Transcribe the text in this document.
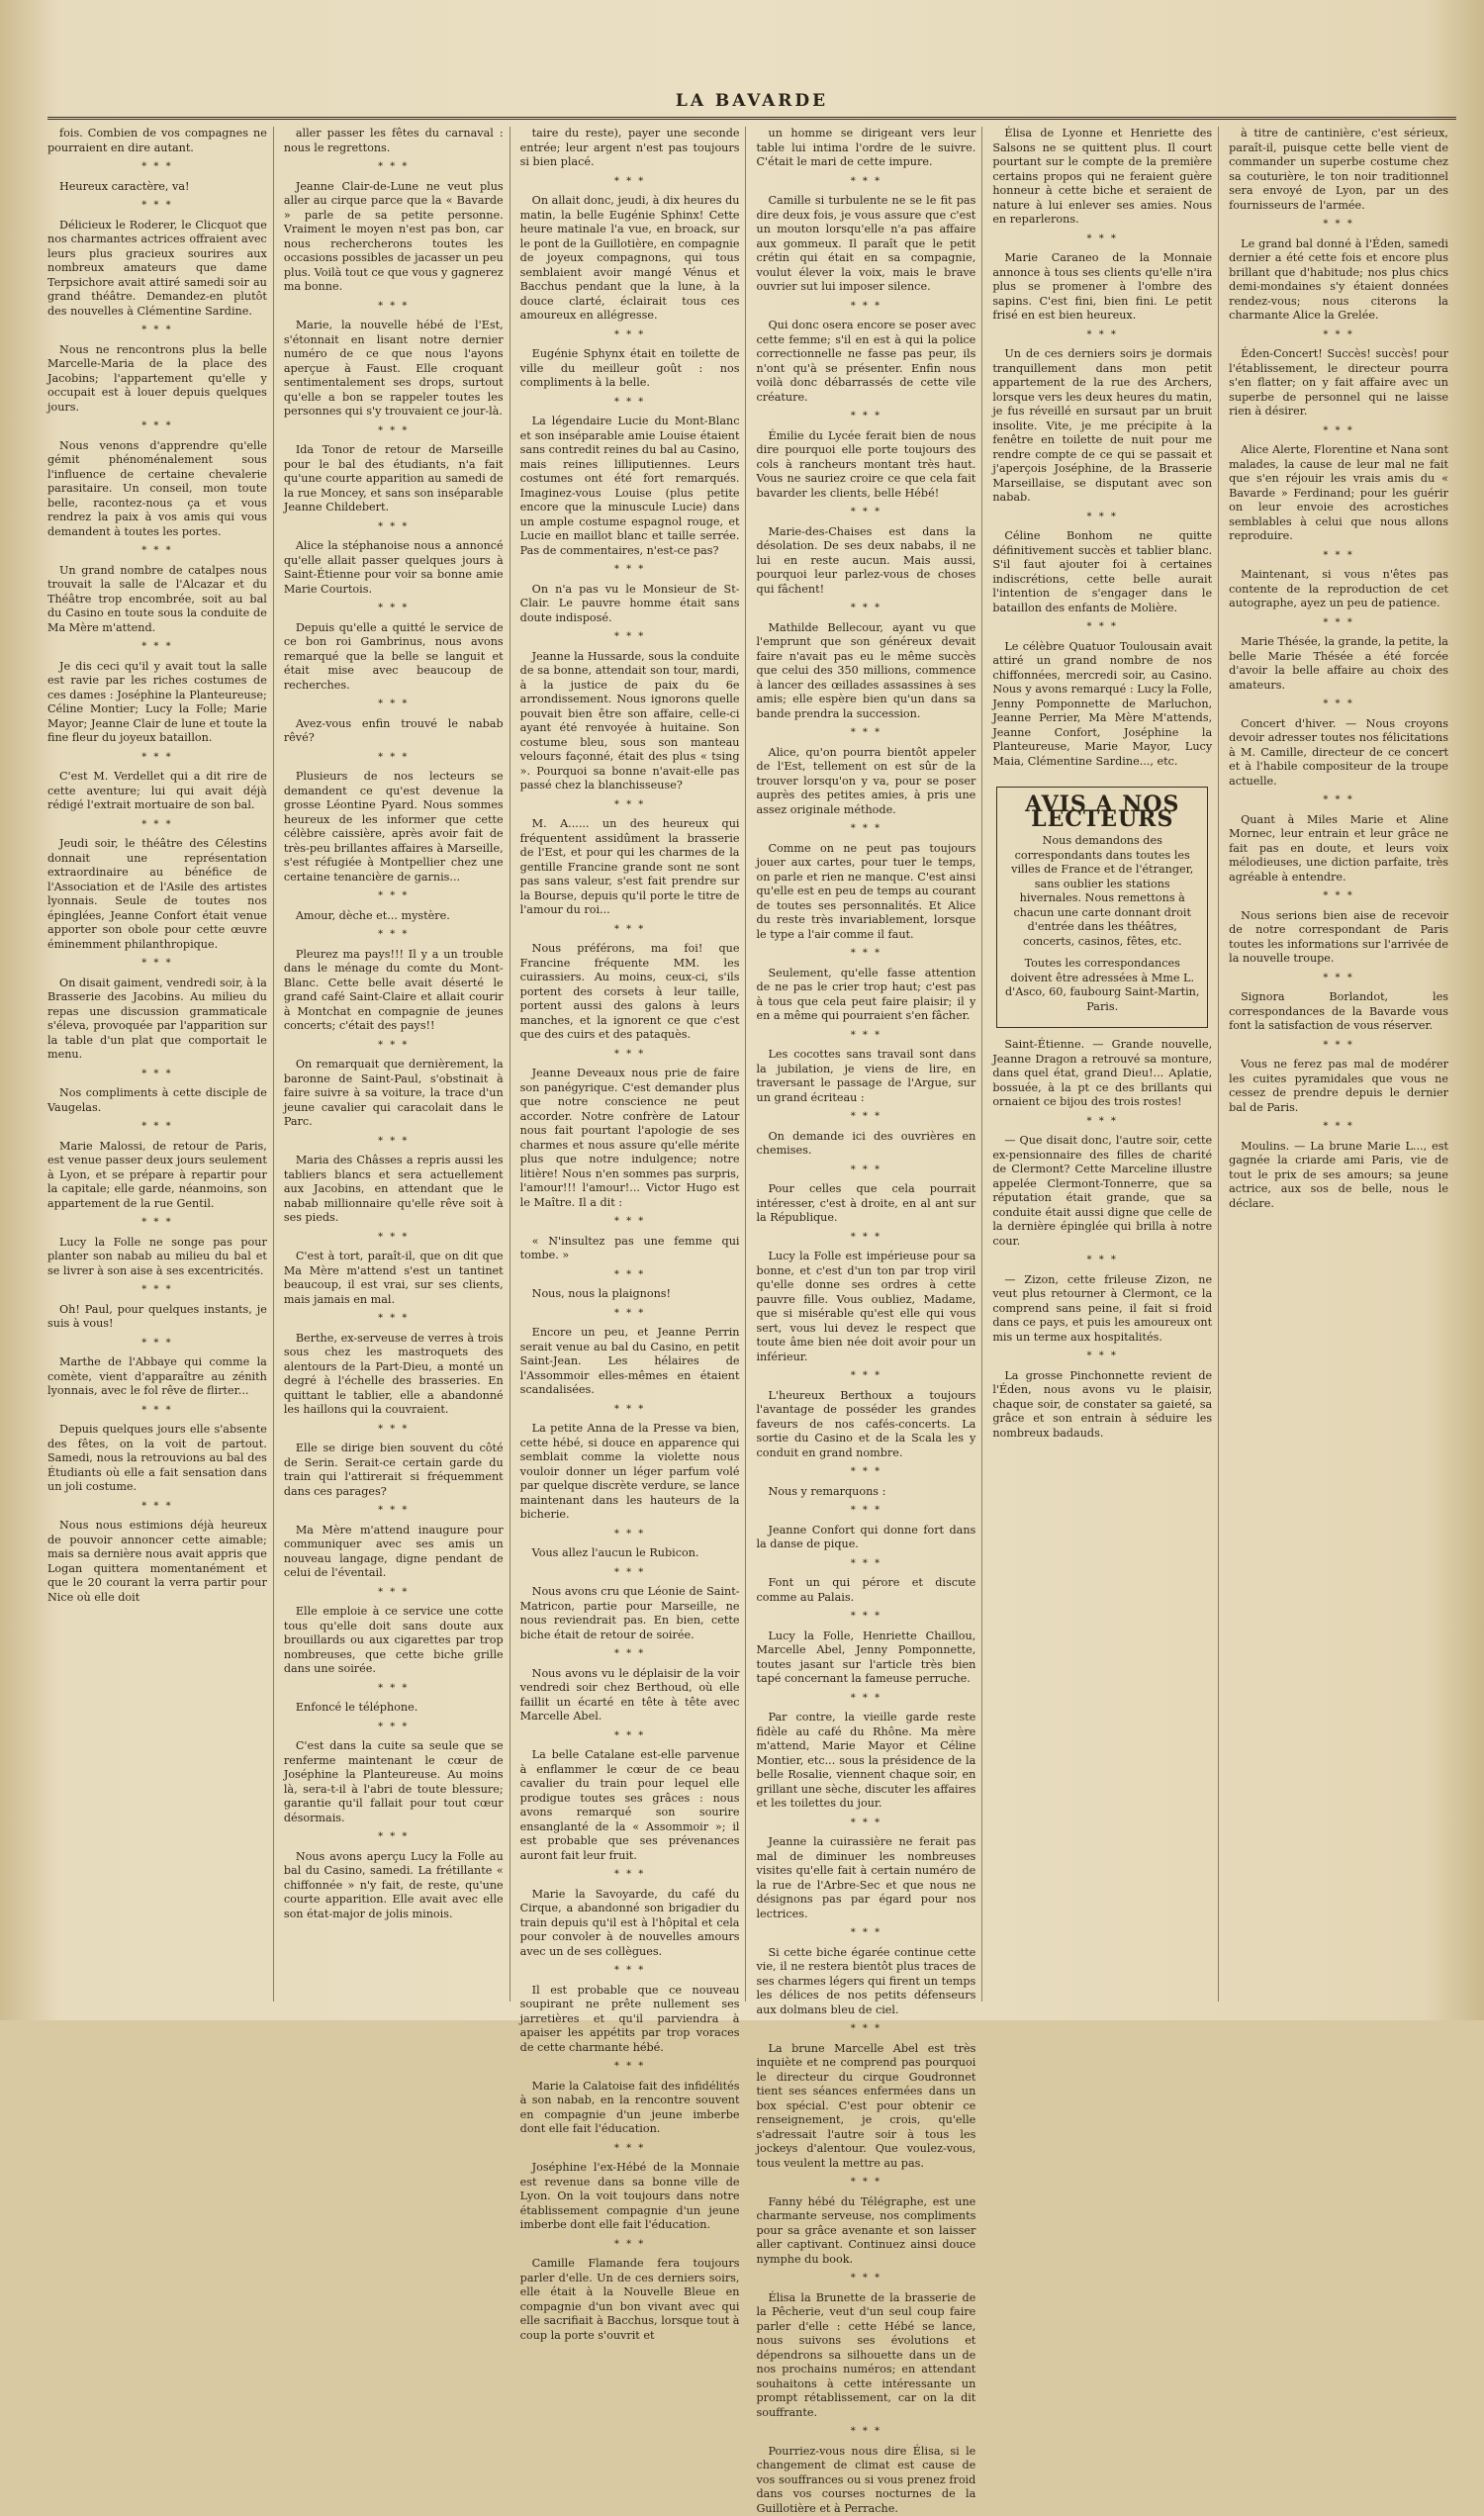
LA BAVARDE

fois. Combien de vos compagnes ne pourraient en dire autant.

* * *

Heureux caractère, va!

* * *

Délicieux le Roderer, le Clicquot que nos charmantes actrices offraient avec leurs plus gracieux sourires aux nombreux amateurs que dame Terpsichore avait attiré samedi soir au grand théâtre. Demandez-en plutôt des nouvelles à Clémentine Sardine.

* * *

Nous ne rencontrons plus la belle Marcelle-Maria de la place des Jacobins; l'appartement qu'elle y occupait est à louer depuis quelques jours.

* * *

Nous venons d'apprendre qu'elle gémit phénoménalement sous l'influence de certaine chevalerie parasitaire. Un conseil, mon toute belle, racontez-nous ça et vous rendrez la paix à vos amis qui vous demandent à toutes les portes.

* * *

Un grand nombre de catalpes nous trouvait la salle de l'Alcazar et du Théâtre trop encombrée, soit au bal du Casino en toute sous la conduite de Ma Mère m'attend.

* * *

Je dis ceci qu'il y avait tout la salle est ravie par les riches costumes de ces dames : Joséphine la Planteureuse; Céline Montier; Lucy la Folle; Marie Mayor; Jeanne Clair de lune et toute la fine fleur du joyeux bataillon.

* * *

C'est M. Verdellet qui a dit rire de cette aventure; lui qui avait déjà rédigé l'extrait mortuaire de son bal.

* * *

Jeudi soir, le théâtre des Célestins donnait une représentation extraordinaire au bénéfice de l'Association et de l'Asile des artistes lyonnais. Seule de toutes nos épinglées, Jeanne Confort était venue apporter son obole pour cette œuvre éminemment philanthropique.

* * *

On disait gaiment, vendredi soir, à la Brasserie des Jacobins. Au milieu du repas une discussion grammaticale s'éleva, provoquée par l'apparition sur la table d'un plat que comportait le menu.

* * *

Nos compliments à cette disciple de Vaugelas.

* * *

Marie Malossi, de retour de Paris, est venue passer deux jours seulement à Lyon, et se prépare à repartir pour la capitale; elle garde, néanmoins, son appartement de la rue Gentil.

* * *

Lucy la Folle ne songe pas pour planter son nabab au milieu du bal et se livrer à son aise à ses excentricités.

* * *

Oh! Paul, pour quelques instants, je suis à vous!

* * *

Marthe de l'Abbaye qui comme la comète, vient d'apparaître au zénith lyonnais, avec le fol rêve de flirter...

* * *

Depuis quelques jours elle s'absente des fêtes, on la voit de partout. Samedi, nous la retrouvions au bal des Étudiants où elle a fait sensation dans un joli costume.

* * *

Nous nous estimions déjà heureux de pouvoir annoncer cette aimable; mais sa dernière nous avait appris que Logan quittera momentanément et que le 20 courant la verra partir pour Nice où elle doit

aller passer les fêtes du carnaval : nous le regrettons.

* * *

Jeanne Clair-de-Lune ne veut plus aller au cirque parce que la « Bavarde » parle de sa petite personne. Vraiment le moyen n'est pas bon, car nous rechercherons toutes les occasions possibles de jacasser un peu plus. Voilà tout ce que vous y gagnerez ma bonne.

* * *

Marie, la nouvelle hébé de l'Est, s'étonnait en lisant notre dernier numéro de ce que nous l'ayons aperçue à Faust. Elle croquant sentimentalement ses drops, surtout qu'elle a bon se rappeler toutes les personnes qui s'y trouvaient ce jour-là.

* * *

Ida Tonor de retour de Marseille pour le bal des étudiants, n'a fait qu'une courte apparition au samedi de la rue Moncey, et sans son inséparable Jeanne Childebert.

* * *

Alice la stéphanoise nous a annoncé qu'elle allait passer quelques jours à Saint-Étienne pour voir sa bonne amie Marie Courtois.

* * *

Depuis qu'elle a quitté le service de ce bon roi Gambrinus, nous avons remarqué que la belle se languit et était mise avec beaucoup de recherches.

* * *

Avez-vous enfin trouvé le nabab rêvé?

* * *

Plusieurs de nos lecteurs se demandent ce qu'est devenue la grosse Léontine Pyard. Nous sommes heureux de les informer que cette célèbre caissière, après avoir fait de très-peu brillantes affaires à Marseille, s'est réfugiée à Montpellier chez une certaine tenancière de garnis...

* * *

Amour, dèche et... mystère.

* * *

Pleurez ma pays!!! Il y a un trouble dans le ménage du comte du Mont-Blanc. Cette belle avait déserté le grand café Saint-Claire et allait courir à Montchat en compagnie de jeunes concerts; c'était des pays!!

* * *

On remarquait que dernièrement, la baronne de Saint-Paul, s'obstinait à faire suivre à sa voiture, la trace d'un jeune cavalier qui caracolait dans le Parc.

* * *

Maria des Châsses a repris aussi les tabliers blancs et sera actuellement aux Jacobins, en attendant que le nabab millionnaire qu'elle rêve soit à ses pieds.

* * *

C'est à tort, paraît-il, que on dit que Ma Mère m'attend s'est un tantinet beaucoup, il est vrai, sur ses clients, mais jamais en mal.

* * *

Berthe, ex-serveuse de verres à trois sous chez les mastroquets des alentours de la Part-Dieu, a monté un degré à l'échelle des brasseries. En quittant le tablier, elle a abandonné les haillons qui la couvraient.

* * *

Elle se dirige bien souvent du côté de Serin. Serait-ce certain garde du train qui l'attirerait si fréquemment dans ces parages?

* * *

Ma Mère m'attend inaugure pour communiquer avec ses amis un nouveau langage, digne pendant de celui de l'éventail.

* * *

Elle emploie à ce service une cotte tous qu'elle doit sans doute aux brouillards ou aux cigarettes par trop nombreuses, que cette biche grille dans une soirée.

* * *

Enfoncé le téléphone.

* * *

C'est dans la cuite sa seule que se renferme maintenant le cœur de Joséphine la Planteureuse. Au moins là, sera-t-il à l'abri de toute blessure; garantie qu'il fallait pour tout cœur désormais.

* * *

Nous avons aperçu Lucy la Folle au bal du Casino, samedi. La frétillante « chiffonnée » n'y fait, de reste, qu'une courte apparition. Elle avait avec elle son état-major de jolis minois.

taire du reste), payer une seconde entrée; leur argent n'est pas toujours si bien placé.

* * *

On allait donc, jeudi, à dix heures du matin, la belle Eugénie Sphinx! Cette heure matinale l'a vue, en broack, sur le pont de la Guillotière, en compagnie de joyeux compagnons, qui tous semblaient avoir mangé Vénus et Bacchus pendant que la lune, à la douce clarté, éclairait tous ces amoureux en allégresse.

* * *

Eugénie Sphynx était en toilette de ville du meilleur goût : nos compliments à la belle.

* * *

La légendaire Lucie du Mont-Blanc et son inséparable amie Louise étaient sans contredit reines du bal au Casino, mais reines lilliputiennes. Leurs costumes ont été fort remarqués. Imaginez-vous Louise (plus petite encore que la minuscule Lucie) dans un ample costume espagnol rouge, et Lucie en maillot blanc et taille serrée. Pas de commentaires, n'est-ce pas?

* * *

On n'a pas vu le Monsieur de St-Clair. Le pauvre homme était sans doute indisposé.

* * *

Jeanne la Hussarde, sous la conduite de sa bonne, attendait son tour, mardi, à la justice de paix du 6e arrondissement. Nous ignorons quelle pouvait bien être son affaire, celle-ci ayant été renvoyée à huitaine. Son costume bleu, sous son manteau velours façonné, était des plus « tsing ». Pourquoi sa bonne n'avait-elle pas passé chez la blanchisseuse?

* * *

M. A...... un des heureux qui fréquentent assidûment la brasserie de l'Est, et pour qui les charmes de la gentille Francine grande sont ne sont pas sans valeur, s'est fait prendre sur la Bourse, depuis qu'il porte le titre de l'amour du roi...

* * *

Nous préférons, ma foi! que Francine fréquente MM. les cuirassiers. Au moins, ceux-ci, s'ils portent des corsets à leur taille, portent aussi des galons à leurs manches, et la ignorent ce que c'est que des cuirs et des pataquès.

* * *

Jeanne Deveaux nous prie de faire son panégyrique. C'est demander plus que notre conscience ne peut accorder. Notre confrère de Latour nous fait pourtant l'apologie de ses charmes et nous assure qu'elle mérite plus que notre indulgence; notre litière! Nous n'en sommes pas surpris, l'amour!!! l'amour!... Victor Hugo est le Maître. Il a dit :

* * *

« N'insultez pas une femme qui tombe. »

* * *

Nous, nous la plaignons!

* * *

Encore un peu, et Jeanne Perrin serait venue au bal du Casino, en petit Saint-Jean. Les hélaires de l'Assommoir elles-mêmes en étaient scandalisées.

* * *

La petite Anna de la Presse va bien, cette hébé, si douce en apparence qui semblait comme la violette nous vouloir donner un léger parfum volé par quelque discrète verdure, se lance maintenant dans les hauteurs de la bicherie.

* * *

Vous allez l'aucun le Rubicon.

* * *

Nous avons cru que Léonie de Saint-Matricon, partie pour Marseille, ne nous reviendrait pas. En bien, cette biche était de retour de soirée.

* * *

Nous avons vu le déplaisir de la voir vendredi soir chez Berthoud, où elle faillit un écarté en tête à tête avec Marcelle Abel.

* * *

La belle Catalane est-elle parvenue à enflammer le cœur de ce beau cavalier du train pour lequel elle prodigue toutes ses grâces : nous avons remarqué son sourire ensanglanté de la « Assommoir »; il est probable que ses prévenances auront fait leur fruit.

* * *

Marie la Savoyarde, du café du Cirque, a abandonné son brigadier du train depuis qu'il est à l'hôpital et cela pour convoler à de nouvelles amours avec un de ses collègues.

* * *

Il est probable que ce nouveau soupirant ne prête nullement ses jarretières et qu'il parviendra à apaiser les appétits par trop voraces de cette charmante hébé.

* * *

Marie la Calatoise fait des infidélités à son nabab, en la rencontre souvent en compagnie d'un jeune imberbe dont elle fait l'éducation.

* * *

Joséphine l'ex-Hébé de la Monnaie est revenue dans sa bonne ville de Lyon. On la voit toujours dans notre établissement compagnie d'un jeune imberbe dont elle fait l'éducation.

* * *

Camille Flamande fera toujours parler d'elle. Un de ces derniers soirs, elle était à la Nouvelle Bleue en compagnie d'un bon vivant avec qui elle sacrifiait à Bacchus, lorsque tout à coup la porte s'ouvrit et

un homme se dirigeant vers leur table lui intima l'ordre de le suivre. C'était le mari de cette impure.

* * *

Camille si turbulente ne se le fit pas dire deux fois, je vous assure que c'est un mouton lorsqu'elle n'a pas affaire aux gommeux. Il paraît que le petit crétin qui était en sa compagnie, voulut élever la voix, mais le brave ouvrier sut lui imposer silence.

* * *

Qui donc osera encore se poser avec cette femme; s'il en est à qui la police correctionnelle ne fasse pas peur, ils n'ont qu'à se présenter. Enfin nous voilà donc débarrassés de cette vile créature.

* * *

Émilie du Lycée ferait bien de nous dire pourquoi elle porte toujours des cols à rancheurs montant très haut. Vous ne sauriez croire ce que cela fait bavarder les clients, belle Hébé!

* * *

Marie-des-Chaises est dans la désolation. De ses deux nababs, il ne lui en reste aucun. Mais aussi, pourquoi leur parlez-vous de choses qui fâchent!

* * *

Mathilde Bellecour, ayant vu que l'emprunt que son généreux devait faire n'avait pas eu le même succès que celui des 350 millions, commence à lancer des œillades assassines à ses amis; elle espère bien qu'un dans sa bande prendra la succession.

* * *

Alice, qu'on pourra bientôt appeler de l'Est, tellement on est sûr de la trouver lorsqu'on y va, pour se poser auprès des petites amies, à pris une assez originale méthode.

* * *

Comme on ne peut pas toujours jouer aux cartes, pour tuer le temps, on parle et rien ne manque. C'est ainsi qu'elle est en peu de temps au courant de toutes ses personnalités. Et Alice du reste très invariablement, lorsque le type a l'air comme il faut.

* * *

Seulement, qu'elle fasse attention de ne pas le crier trop haut; c'est pas à tous que cela peut faire plaisir; il y en a même qui pourraient s'en fâcher.

* * *

Les cocottes sans travail sont dans la jubilation, je viens de lire, en traversant le passage de l'Argue, sur un grand écriteau :

* * *

On demande ici des ouvrières en chemises.

* * *

Pour celles que cela pourrait intéresser, c'est à droite, en al ant sur la République.

* * *

Lucy la Folle est impérieuse pour sa bonne, et c'est d'un ton par trop viril qu'elle donne ses ordres à cette pauvre fille. Vous oubliez, Madame, que si misérable qu'est elle qui vous sert, vous lui devez le respect que toute âme bien née doit avoir pour un inférieur.

* * *

L'heureux Berthoux a toujours l'avantage de posséder les grandes faveurs de nos cafés-concerts. La sortie du Casino et de la Scala les y conduit en grand nombre.

* * *

Nous y remarquons :

* * *

Jeanne Confort qui donne fort dans la danse de pique.

* * *

Font un qui pérore et discute comme au Palais.

* * *

Lucy la Folle, Henriette Chaillou, Marcelle Abel, Jenny Pomponnette, toutes jasant sur l'article très bien tapé concernant la fameuse perruche.

* * *

Par contre, la vieille garde reste fidèle au café du Rhône. Ma mère m'attend, Marie Mayor et Céline Montier, etc... sous la présidence de la belle Rosalie, viennent chaque soir, en grillant une sèche, discuter les affaires et les toilettes du jour.

* * *

Jeanne la cuirassière ne ferait pas mal de diminuer les nombreuses visites qu'elle fait à certain numéro de la rue de l'Arbre-Sec et que nous ne désignons pas par égard pour nos lectrices.

* * *

Si cette biche égarée continue cette vie, il ne restera bientôt plus traces de ses charmes légers qui firent un temps les délices de nos petits défenseurs aux dolmans bleu de ciel.

* * *

La brune Marcelle Abel est très inquiète et ne comprend pas pourquoi le directeur du cirque Goudronnet tient ses séances enfermées dans un box spécial. C'est pour obtenir ce renseignement, je crois, qu'elle s'adressait l'autre soir à tous les jockeys d'alentour. Que voulez-vous, tous veulent la mettre au pas.

* * *

Fanny hébé du Télégraphe, est une charmante serveuse, nos compliments pour sa grâce avenante et son laisser aller captivant. Continuez ainsi douce nymphe du book.

* * *

Élisa la Brunette de la brasserie de la Pêcherie, veut d'un seul coup faire parler d'elle : cette Hébé se lance, nous suivons ses évolutions et dépendrons sa silhouette dans un de nos prochains numéros; en attendant souhaitons à cette intéressante un prompt rétablissement, car on la dit souffrante.

* * *

Pourriez-vous nous dire Élisa, si le changement de climat est cause de vos souffrances ou si vous prenez froid dans vos courses nocturnes de la Guillotière et à Perrache.

Élisa de Lyonne et Henriette des Salsons ne se quittent plus. Il court pourtant sur le compte de la première certains propos qui ne feraient guère honneur à cette biche et seraient de nature à lui enlever ses amies. Nous en reparlerons.

* * *

Marie Caraneo de la Monnaie annonce à tous ses clients qu'elle n'ira plus se promener à l'ombre des sapins. C'est fini, bien fini. Le petit frisé en est bien heureux.

* * *

Un de ces derniers soirs je dormais tranquillement dans mon petit appartement de la rue des Archers, lorsque vers les deux heures du matin, je fus réveillé en sursaut par un bruit insolite. Vite, je me précipite à la fenêtre en toilette de nuit pour me rendre compte de ce qui se passait et j'aperçois Joséphine, de la Brasserie Marseillaise, se disputant avec son nabab.

* * *

Céline Bonhom ne quitte définitivement succès et tablier blanc. S'il faut ajouter foi à certaines indiscrétions, cette belle aurait l'intention de s'engager dans le bataillon des enfants de Molière.

* * *

Le célèbre Quatuor Toulousain avait attiré un grand nombre de nos chiffonnées, mercredi soir, au Casino. Nous y avons remarqué : Lucy la Folle, Jenny Pomponnette de Marluchon, Jeanne Perrier, Ma Mère M'attends, Jeanne Confort, Joséphine la Planteureuse, Marie Mayor, Lucy Maia, Clémentine Sardine..., etc.

AVIS A NOS LECTEURS

Nous demandons des correspondants dans toutes les villes de France et de l'étranger, sans oublier les stations hivernales. Nous remettons à chacun une carte donnant droit d'entrée dans les théâtres, concerts, casinos, fêtes, etc.

Toutes les correspondances doivent être adressées à Mme L. d'Asco, 60, faubourg Saint-Martin, Paris.

Saint-Étienne. — Grande nouvelle, Jeanne Dragon a retrouvé sa monture, dans quel état, grand Dieu!... Aplatie, bossuée, à la pt ce des brillants qui ornaient ce bijou des trois rostes!

* * *

— Que disait donc, l'autre soir, cette ex-pensionnaire des filles de charité de Clermont? Cette Marceline illustre appelée Clermont-Tonnerre, que sa réputation était grande, que sa conduite était aussi digne que celle de la dernière épinglée qui brilla à notre cour.

* * *

— Zizon, cette frileuse Zizon, ne veut plus retourner à Clermont, ce la comprend sans peine, il fait si froid dans ce pays, et puis les amoureux ont mis un terme aux hospitalités.

* * *

La grosse Pinchonnette revient de l'Éden, nous avons vu le plaisir, chaque soir, de constater sa gaieté, sa grâce et son entrain à séduire les nombreux badauds.

à titre de cantinière, c'est sérieux, paraît-il, puisque cette belle vient de commander un superbe costume chez sa couturière, le ton noir traditionnel sera envoyé de Lyon, par un des fournisseurs de l'armée.

* * *

Le grand bal donné à l'Éden, samedi dernier a été cette fois et encore plus brillant que d'habitude; nos plus chics demi-mondaines s'y étaient données rendez-vous; nous citerons la charmante Alice la Grelée.

* * *

Éden-Concert! Succès! succès! pour l'établissement, le directeur pourra s'en flatter; on y fait affaire avec un superbe de personnel qui ne laisse rien à désirer.

* * *

Alice Alerte, Florentine et Nana sont malades, la cause de leur mal ne fait que s'en réjouir les vrais amis du « Bavarde » Ferdinand; pour les guérir on leur envoie des acrostiches semblables à celui que nous allons reproduire.

* * *

Maintenant, si vous n'êtes pas contente de la reproduction de cet autographe, ayez un peu de patience.

* * *

Marie Thésée, la grande, la petite, la belle Marie Thésée a été forcée d'avoir la belle affaire au choix des amateurs.

* * *

Concert d'hiver. — Nous croyons devoir adresser toutes nos félicitations à M. Camille, directeur de ce concert et à l'habile compositeur de la troupe actuelle.

* * *

Quant à Miles Marie et Aline Mornec, leur entrain et leur grâce ne fait pas en doute, et leurs voix mélodieuses, une diction parfaite, très agréable à entendre.

* * *

Nous serions bien aise de recevoir de notre correspondant de Paris toutes les informations sur l'arrivée de la nouvelle troupe.

* * *

Signora Borlandot, les correspondances de la Bavarde vous font la satisfaction de vous réserver.

* * *

Vous ne ferez pas mal de modérer les cuites pyramidales que vous ne cessez de prendre depuis le dernier bal de Paris.

* * *

Moulins. — La brune Marie L..., est gagnée la criarde ami Paris, vie de tout le prix de ses amours; sa jeune actrice, aux sos de belle, nous le déclare.
